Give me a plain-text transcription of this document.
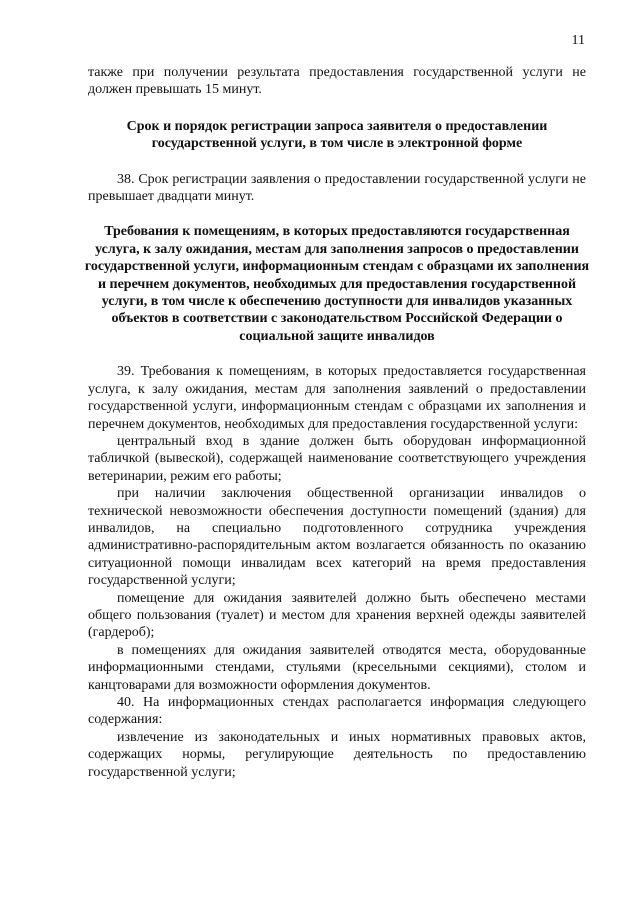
11

также при получении результата предоставления государственной услуги не должен превышать 15 минут.

Срок и порядок регистрации запроса заявителя о предоставлении государственной услуги, в том числе в электронной форме

38. Срок регистрации заявления о предоставлении государственной услуги не превышает двадцати минут.

Требования к помещениям, в которых предоставляются государственная услуга, к залу ожидания, местам для заполнения запросов о предоставлении государственной услуги, информационным стендам с образцами их заполнения и перечнем документов, необходимых для предоставления государственной услуги, в том числе к обеспечению доступности для инвалидов указанных объектов в соответствии с законодательством Российской Федерации о социальной защите инвалидов

39. Требования к помещениям, в которых предоставляется государственная услуга, к залу ожидания, местам для заполнения заявлений о предоставлении государственной услуги, информационным стендам с образцами их заполнения и перечнем документов, необходимых для предоставления государственной услуги:

центральный вход в здание должен быть оборудован информационной табличкой (вывеской), содержащей наименование соответствующего учреждения ветеринарии, режим его работы;

при наличии заключения общественной организации инвалидов о технической невозможности обеспечения доступности помещений (здания) для инвалидов, на специально подготовленного сотрудника учреждения административно-распорядительным актом возлагается обязанность по оказанию ситуационной помощи инвалидам всех категорий на время предоставления государственной услуги;

помещение для ожидания заявителей должно быть обеспечено местами общего пользования (туалет) и местом для хранения верхней одежды заявителей (гардероб);

в помещениях для ожидания заявителей отводятся места, оборудованные информационными стендами, стульями (кресельными секциями), столом и канцтоварами для возможности оформления документов.

40. На информационных стендах располагается информация следующего содержания:

извлечение из законодательных и иных нормативных правовых актов, содержащих нормы, регулирующие деятельность по предоставлению государственной услуги;
